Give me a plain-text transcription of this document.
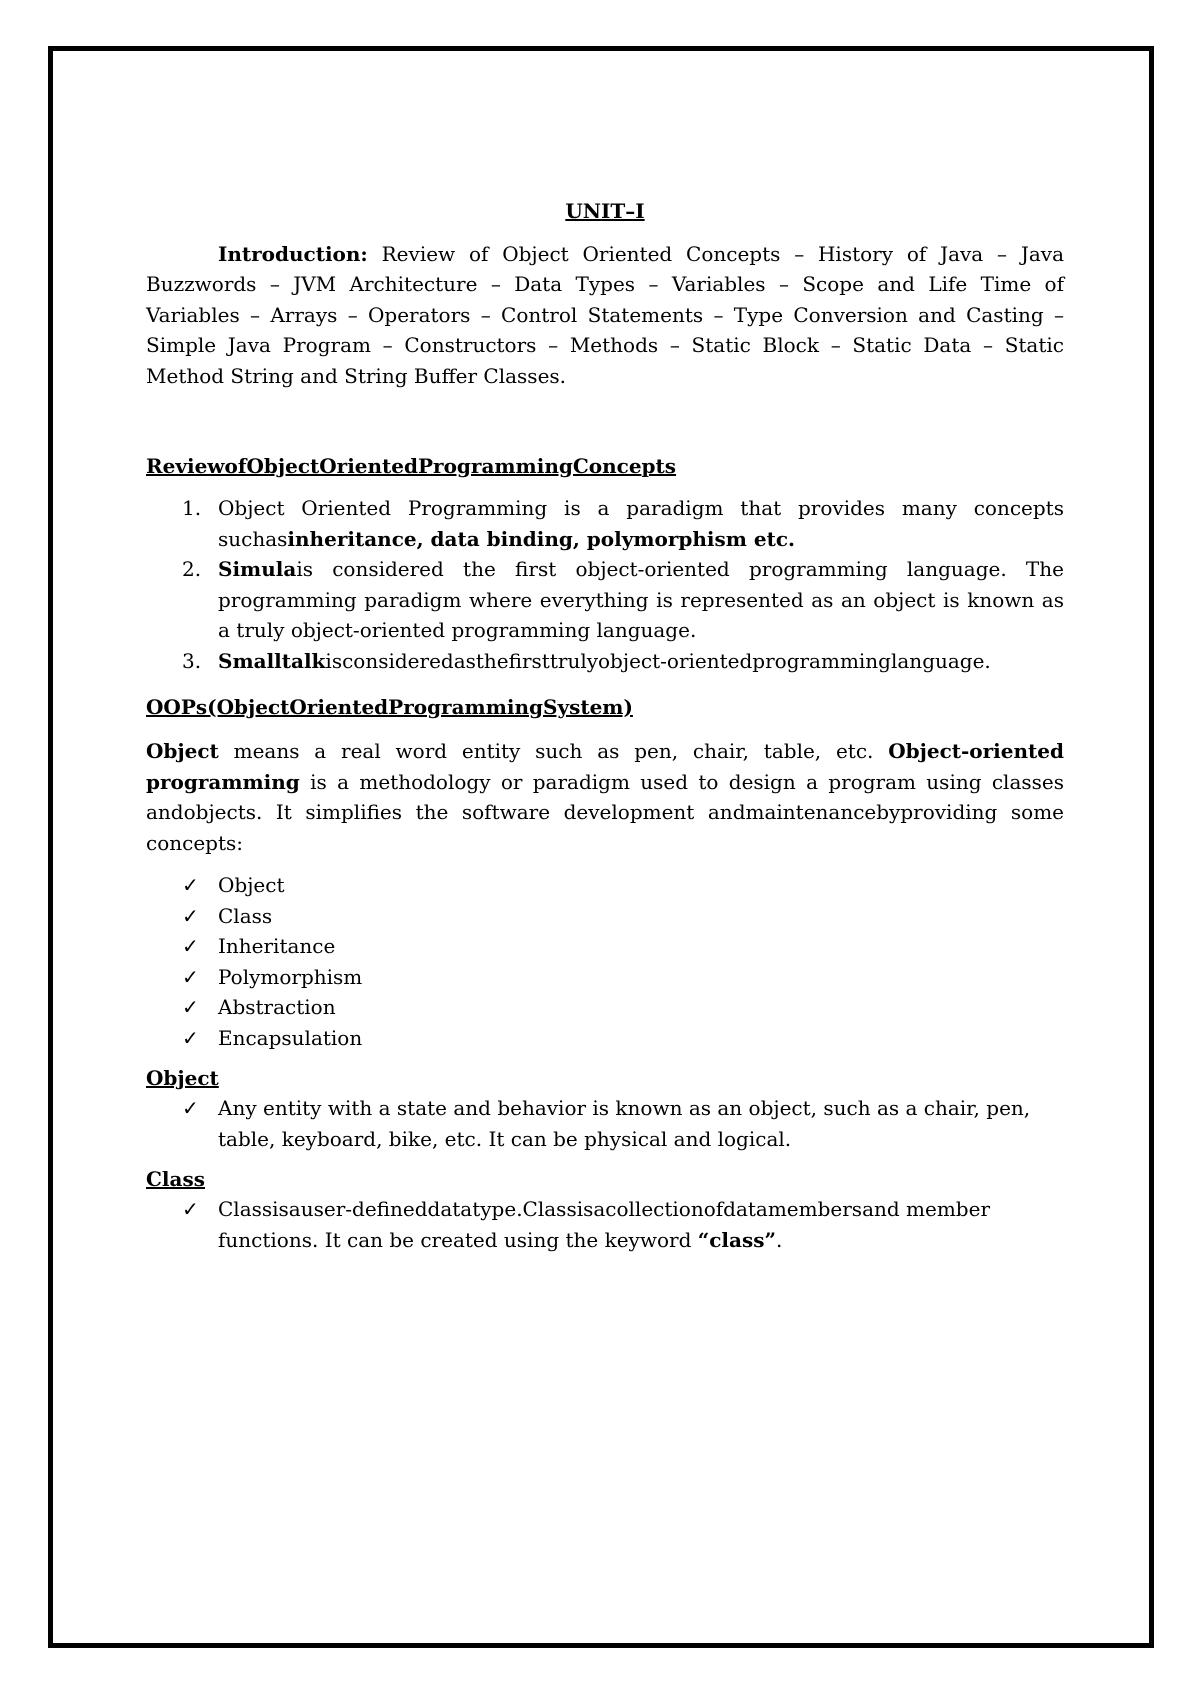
UNIT–I

Introduction: Review of Object Oriented Concepts – History of Java – Java Buzzwords – JVM Architecture – Data Types – Variables – Scope and Life Time of Variables – Arrays – Operators – Control Statements – Type Conversion and Casting – Simple Java Program – Constructors – Methods – Static Block – Static Data – Static Method String and String Buffer Classes.

ReviewofObjectOrientedProgrammingConcepts
1. Object Oriented Programming is a paradigm that provides many concepts suchasinheritance, data binding, polymorphism etc.
2. Simulais considered the first object-oriented programming language. The programming paradigm where everything is represented as an object is known as a truly object-oriented programming language.
3. Smalltalkisconsideredasthefirsttrulyobject-orientedprogramminglanguage.
OOPs(ObjectOrientedProgrammingSystem)

Object means a real word entity such as pen, chair, table, etc. Object-oriented programming is a methodology or paradigm used to design a program using classes andobjects. It simplifies the software development andmaintenancebyproviding some concepts:

✓ Object
✓ Class
✓ Inheritance
✓ Polymorphism
✓ Abstraction
✓ Encapsulation
Object
✓ Any entity with a state and behavior is known as an object, such as a chair, pen, table, keyboard, bike, etc. It can be physical and logical.
Class
✓ Classisauser-defineddatatype.Classisacollectionofdatamembersand member functions. It can be created using the keyword “class”.
